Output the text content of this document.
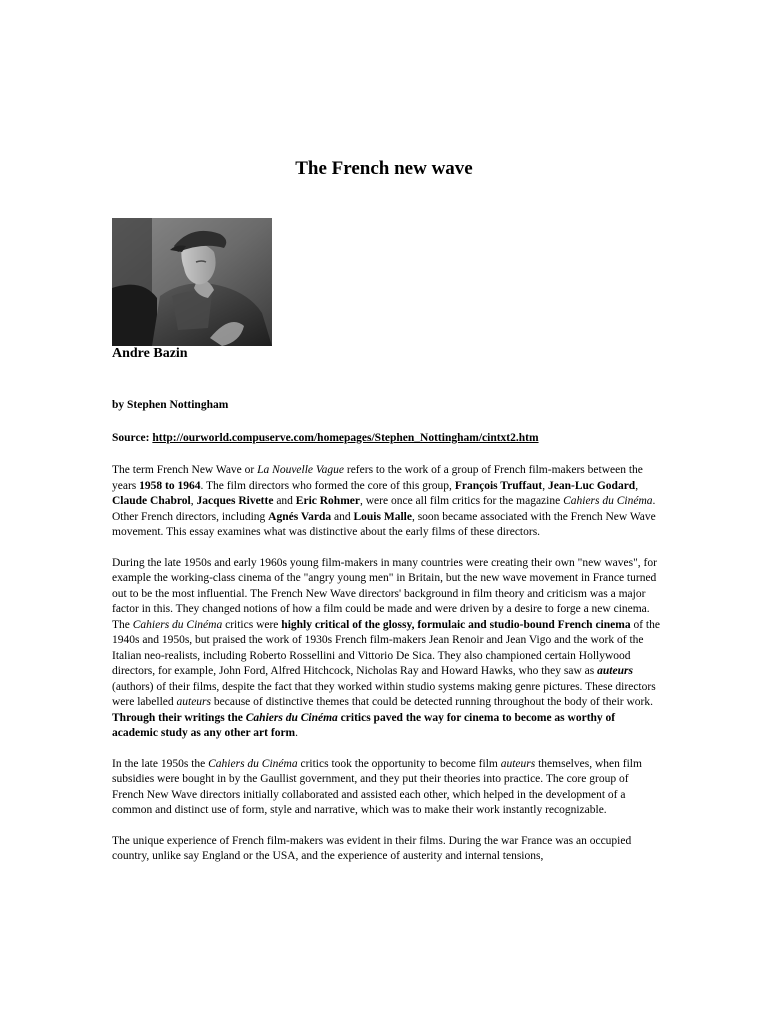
The French new wave

Andre Bazin

by Stephen Nottingham

Source: http://ourworld.compuserve.com/homepages/Stephen_Nottingham/cintxt2.htm

The term French New Wave or La Nouvelle Vague refers to the work of a group of French film-makers between the years 1958 to 1964. The film directors who formed the core of this group, François Truffaut, Jean-Luc Godard, Claude Chabrol, Jacques Rivette and Eric Rohmer, were once all film critics for the magazine Cahiers du Cinéma. Other French directors, including Agnés Varda and Louis Malle, soon became associated with the French New Wave movement. This essay examines what was distinctive about the early films of these directors.

During the late 1950s and early 1960s young film-makers in many countries were creating their own "new waves", for example the working-class cinema of the "angry young men" in Britain, but the new wave movement in France turned out to be the most influential. The French New Wave directors' background in film theory and criticism was a major factor in this. They changed notions of how a film could be made and were driven by a desire to forge a new cinema. The Cahiers du Cinéma critics were highly critical of the glossy, formulaic and studio-bound French cinema of the 1940s and 1950s, but praised the work of 1930s French film-makers Jean Renoir and Jean Vigo and the work of the Italian neo-realists, including Roberto Rossellini and Vittorio De Sica. They also championed certain Hollywood directors, for example, John Ford, Alfred Hitchcock, Nicholas Ray and Howard Hawks, who they saw as auteurs (authors) of their films, despite the fact that they worked within studio systems making genre pictures. These directors were labelled auteurs because of distinctive themes that could be detected running throughout the body of their work. Through their writings the Cahiers du Cinéma critics paved the way for cinema to become as worthy of academic study as any other art form.

In the late 1950s the Cahiers du Cinéma critics took the opportunity to become film auteurs themselves, when film subsidies were bought in by the Gaullist government, and they put their theories into practice. The core group of French New Wave directors initially collaborated and assisted each other, which helped in the development of a common and distinct use of form, style and narrative, which was to make their work instantly recognizable.

The unique experience of French film-makers was evident in their films. During the war France was an occupied country, unlike say England or the USA, and the experience of austerity and internal tensions,
